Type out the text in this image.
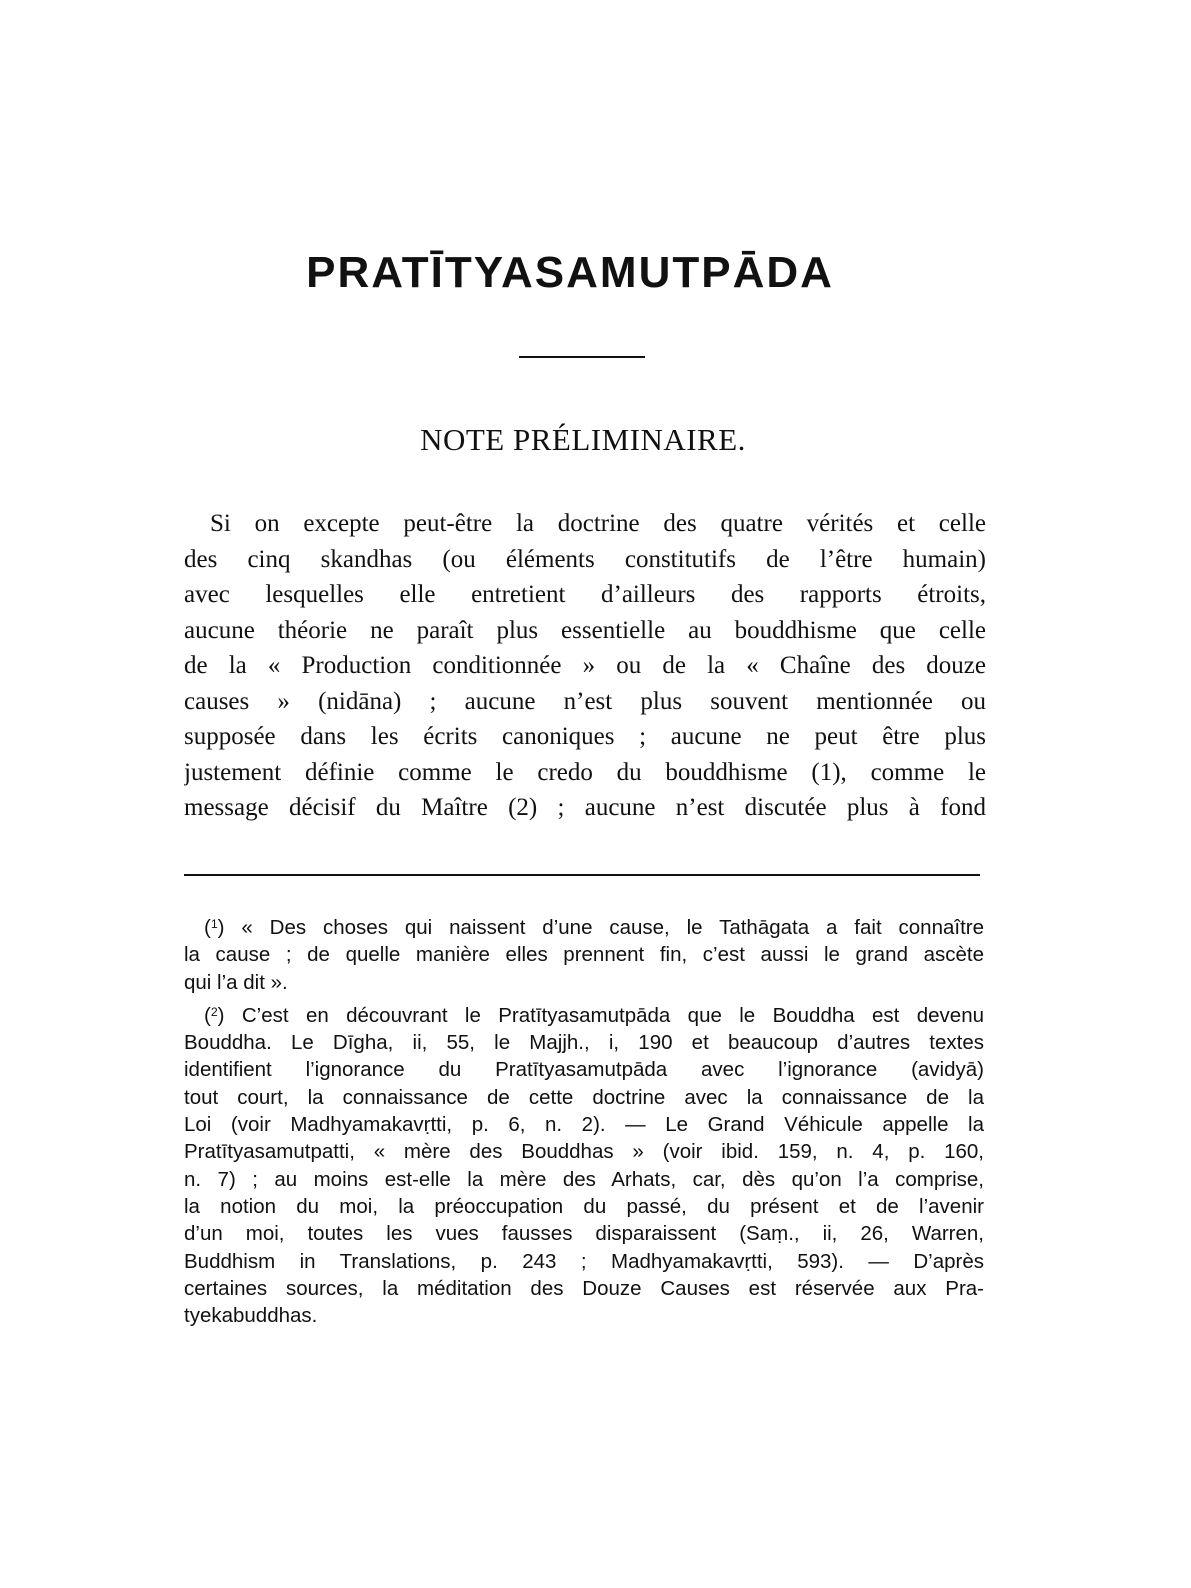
PRATĪTYASAMUTPĀDA
NOTE PRÉLIMINAIRE.

Si on excepte peut-être la doctrine des quatre vérités et celle
des cinq skandhas (ou éléments constitutifs de l’être humain)
avec lesquelles elle entretient d’ailleurs des rapports étroits,
aucune théorie ne paraît plus essentielle au bouddhisme que celle
de la « Production conditionnée » ou de la « Chaîne des douze
causes » (nidāna) ; aucune n’est plus souvent mentionnée ou
supposée dans les écrits canoniques ; aucune ne peut être plus
justement définie comme le credo du bouddhisme (1), comme le
message décisif du Maître (2) ; aucune n’est discutée plus à fond

($^1$) « Des choses qui naissent d’une cause, le Tathāgata a fait connaître
la cause ; de quelle manière elles prennent fin, c’est aussi le grand ascète
qui l’a dit ».
($^2$) C’est en découvrant le Pratītyasamutpāda que le Bouddha est devenu
Bouddha. Le Dīgha, ii, 55, le Majjh., i, 190 et beaucoup d’autres textes
identifient l’ignorance du Pratītyasamutpāda avec l’ignorance (avidyā)
tout court, la connaissance de cette doctrine avec la connaissance de la
Loi (voir Madhyamakavṛtti, p. 6, n. 2). — Le Grand Véhicule appelle la
Pratītyasamutpatti, « mère des Bouddhas » (voir ibid. 159, n. 4, p. 160,
n. 7) ; au moins est-elle la mère des Arhats, car, dès qu’on l’a comprise,
la notion du moi, la préoccupation du passé, du présent et de l’avenir
d’un moi, toutes les vues fausses disparaissent (Saṃ., ii, 26, Warren,
Buddhism in Translations, p. 243 ; Madhyamakavṛtti, 593). — D’après
certaines sources, la méditation des Douze Causes est réservée aux Pra-
tyekabuddhas.
